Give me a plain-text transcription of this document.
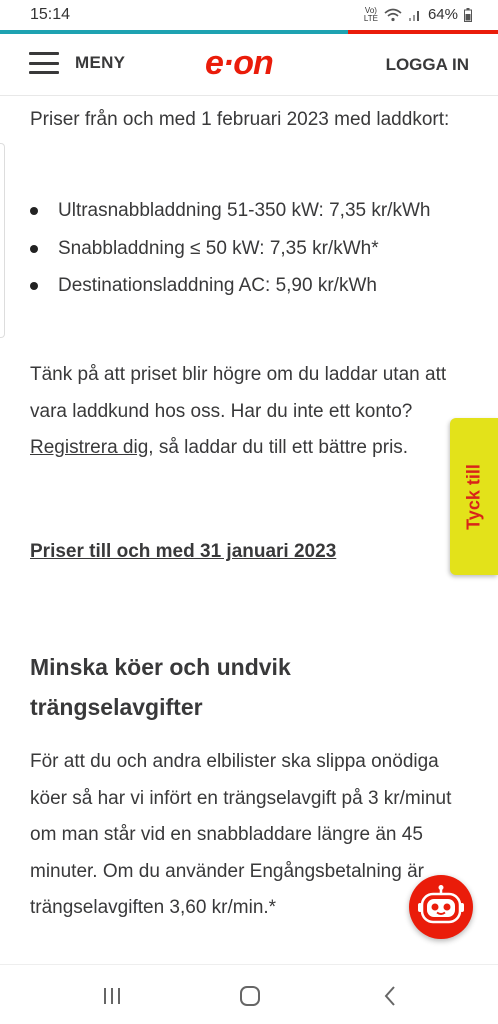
15:14	Vo)
LTE	64%
MENY e·on	LOGGA IN

Priser från och med 1 februari 2023 med laddkort:

Ultrasnabbladdning 51-350 kW: 7,35 kr/kWh
Snabbladdning ≤ 50 kW: 7,35 kr/kWh*
Destinationsladdning AC: 5,90 kr/kWh

Tänk på att priset blir högre om du laddar utan att vara laddkund hos oss. Har du inte ett konto? Registrera dig, så laddar du till ett bättre pris.

Priser till och med 31 januari 2023
Minska köer och undvik trängselavgifter

För att du och andra elbilister ska slippa onödiga köer så har vi infört en trängselavgift på 3 kr/minut om man står vid en snabbladdare längre än 45 minuter. Om du använder Engångsbetalning är trängselavgiften 3,60 kr/min.*

Tyck till
